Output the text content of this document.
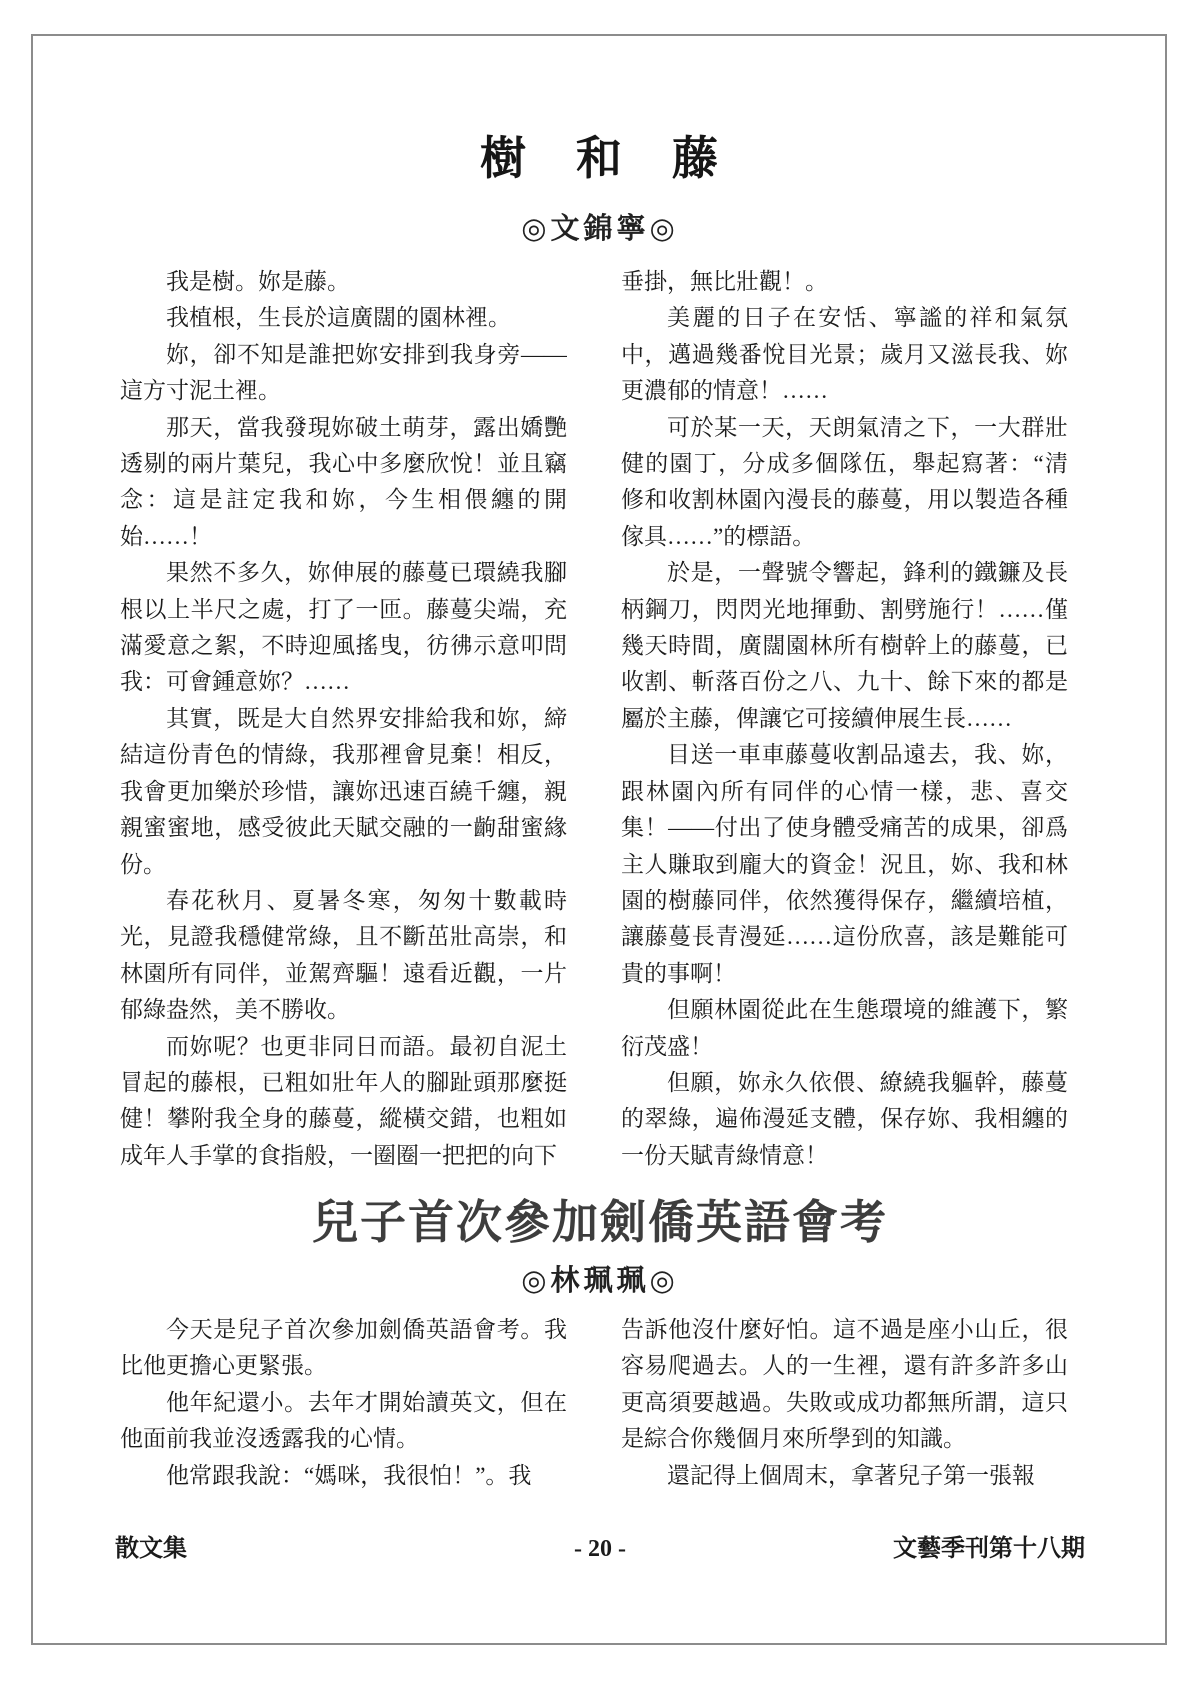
樹　和　藤
◎文錦寧◎

我是樹。妳是藤。

我植根，生長於這廣闊的園林裡。

妳，卻不知是誰把妳安排到我身旁——這方寸泥土裡。

那天，當我發現妳破土萌芽，露出嬌艷透剔的兩片葉兒，我心中多麼欣悅！並且竊念：這是註定我和妳，今生相偎纏的開始……！

果然不多久，妳伸展的藤蔓已環繞我腳根以上半尺之處，打了一匝。藤蔓尖端，充滿愛意之絮，不時迎風搖曳，彷彿示意叩問我：可會鍾意妳？……

其實，既是大自然界安排給我和妳，締結這份青色的情綠，我那裡會見棄！相反，我會更加樂於珍惜，讓妳迅速百繞千纏，親親蜜蜜地，感受彼此天賦交融的一齣甜蜜緣份。

春花秋月、夏暑冬寒，匆匆十數載時光，見證我穩健常綠，且不斷茁壯高崇，和林園所有同伴，並駕齊驅！遠看近觀，一片郁綠盎然，美不勝收。

而妳呢？也更非同日而語。最初自泥土冒起的藤根，已粗如壯年人的腳趾頭那麼挺健！攀附我全身的藤蔓，縱橫交錯，也粗如成年人手掌的食指般，一圈圈一把把的向下

垂掛，無比壯觀！。

美麗的日子在安恬、寧謐的祥和氣氛中，邁過幾番悅目光景；歲月又滋長我、妳更濃郁的情意！……

可於某一天，天朗氣清之下，一大群壯健的園丁，分成多個隊伍，舉起寫著：“清修和收割林園內漫長的藤蔓，用以製造各種傢具……”的標語。

於是，一聲號令響起，鋒利的鐵鐮及長柄鋼刀，閃閃光地揮動、割劈施行！……僅幾天時間，廣闊園林所有樹幹上的藤蔓，已收割、斬落百份之八、九十、餘下來的都是屬於主藤，俾讓它可接續伸展生長……

目送一車車藤蔓收割品遠去，我、妳，跟林園內所有同伴的心情一樣，悲、喜交集！——付出了使身體受痛苦的成果，卻爲主人賺取到龐大的資金！況且，妳、我和林園的樹藤同伴，依然獲得保存，繼續培植，讓藤蔓長青漫延……這份欣喜，該是難能可貴的事啊！

但願林園從此在生態環境的維護下，繁衍茂盛！

但願，妳永久依偎、繚繞我軀幹，藤蔓的翠綠，遍佈漫延支體，保存妳、我相纏的一份天賦青綠情意！

兒子首次參加劍僑英語會考
◎林珮珮◎

今天是兒子首次參加劍僑英語會考。我比他更擔心更緊張。

他年紀還小。去年才開始讀英文，但在他面前我並沒透露我的心情。

他常跟我說：“媽咪，我很怕！”。我

告訴他沒什麼好怕。這不過是座小山丘，很容易爬過去。人的一生裡，還有許多許多山更高須要越過。失敗或成功都無所謂，這只是綜合你幾個月來所學到的知識。

還記得上個周末，拿著兒子第一張報

散文集	- 20 -	文藝季刊第十八期
